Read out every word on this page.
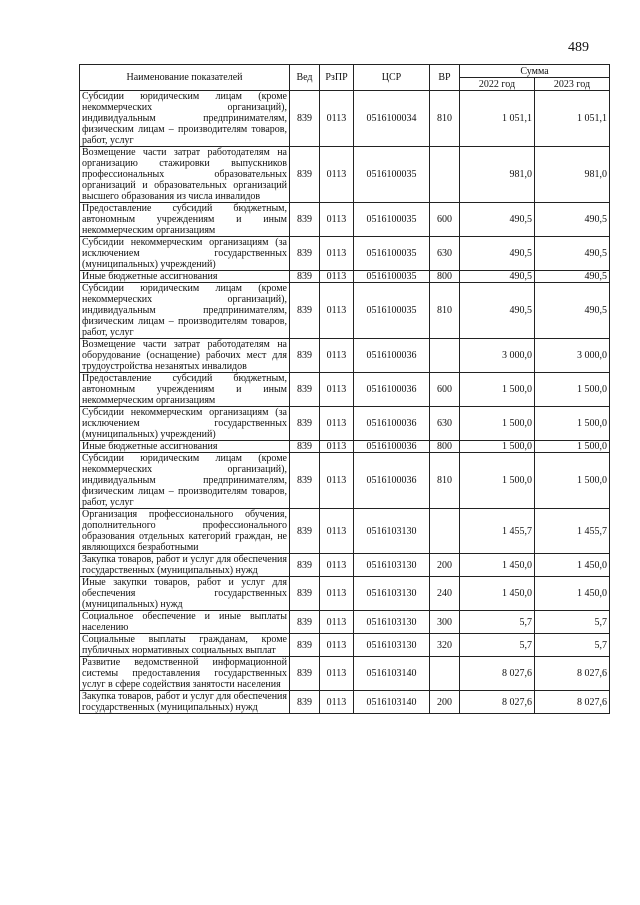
489
Наименование показателей	Вед	РзПР	ЦСР	ВР	Сумма	
					2022 год	2023 год
Субсидии юридическим лицам (кроме некоммерческих организаций), индивидуальным предпринимателям, физическим лицам – производителям товаров, работ, услуг	839	0113	0516100034	810	1 051,1	1 051,1
Возмещение части затрат работодателям на организацию стажировки выпускников профессиональных образовательных организаций и образовательных организаций высшего образования из числа инвалидов	839	0113	0516100035		981,0	981,0
Предоставление субсидий бюджетным, автономным учреждениям и иным некоммерческим организациям	839	0113	0516100035	600	490,5	490,5
Субсидии некоммерческим организациям (за исключением государственных (муниципальных) учреждений)	839	0113	0516100035	630	490,5	490,5
Иные бюджетные ассигнования	839	0113	0516100035	800	490,5	490,5
Субсидии юридическим лицам (кроме некоммерческих организаций), индивидуальным предпринимателям, физическим лицам – производителям товаров, работ, услуг	839	0113	0516100035	810	490,5	490,5
Возмещение части затрат работодателям на оборудование (оснащение) рабочих мест для трудоустройства незанятых инвалидов	839	0113	0516100036		3 000,0	3 000,0
Предоставление субсидий бюджетным, автономным учреждениям и иным некоммерческим организациям	839	0113	0516100036	600	1 500,0	1 500,0
Субсидии некоммерческим организациям (за исключением государственных (муниципальных) учреждений)	839	0113	0516100036	630	1 500,0	1 500,0
Иные бюджетные ассигнования	839	0113	0516100036	800	1 500,0	1 500,0
Субсидии юридическим лицам (кроме некоммерческих организаций), индивидуальным предпринимателям, физическим лицам – производителям товаров, работ, услуг	839	0113	0516100036	810	1 500,0	1 500,0
Организация профессионального обучения, дополнительного профессионального образования отдельных категорий граждан, не являющихся безработными	839	0113	0516103130		1 455,7	1 455,7
Закупка товаров, работ и услуг для обеспечения государственных (муниципальных) нужд	839	0113	0516103130	200	1 450,0	1 450,0
Иные закупки товаров, работ и услуг для обеспечения государственных (муниципальных) нужд	839	0113	0516103130	240	1 450,0	1 450,0
Социальное обеспечение и иные выплаты населению	839	0113	0516103130	300	5,7	5,7
Социальные выплаты гражданам, кроме публичных нормативных социальных выплат	839	0113	0516103130	320	5,7	5,7
Развитие ведомственной информационной системы предоставления государственных услуг в сфере содействия занятости населения	839	0113	0516103140		8 027,6	8 027,6
Закупка товаров, работ и услуг для обеспечения государственных (муниципальных) нужд	839	0113	0516103140	200	8 027,6	8 027,6
